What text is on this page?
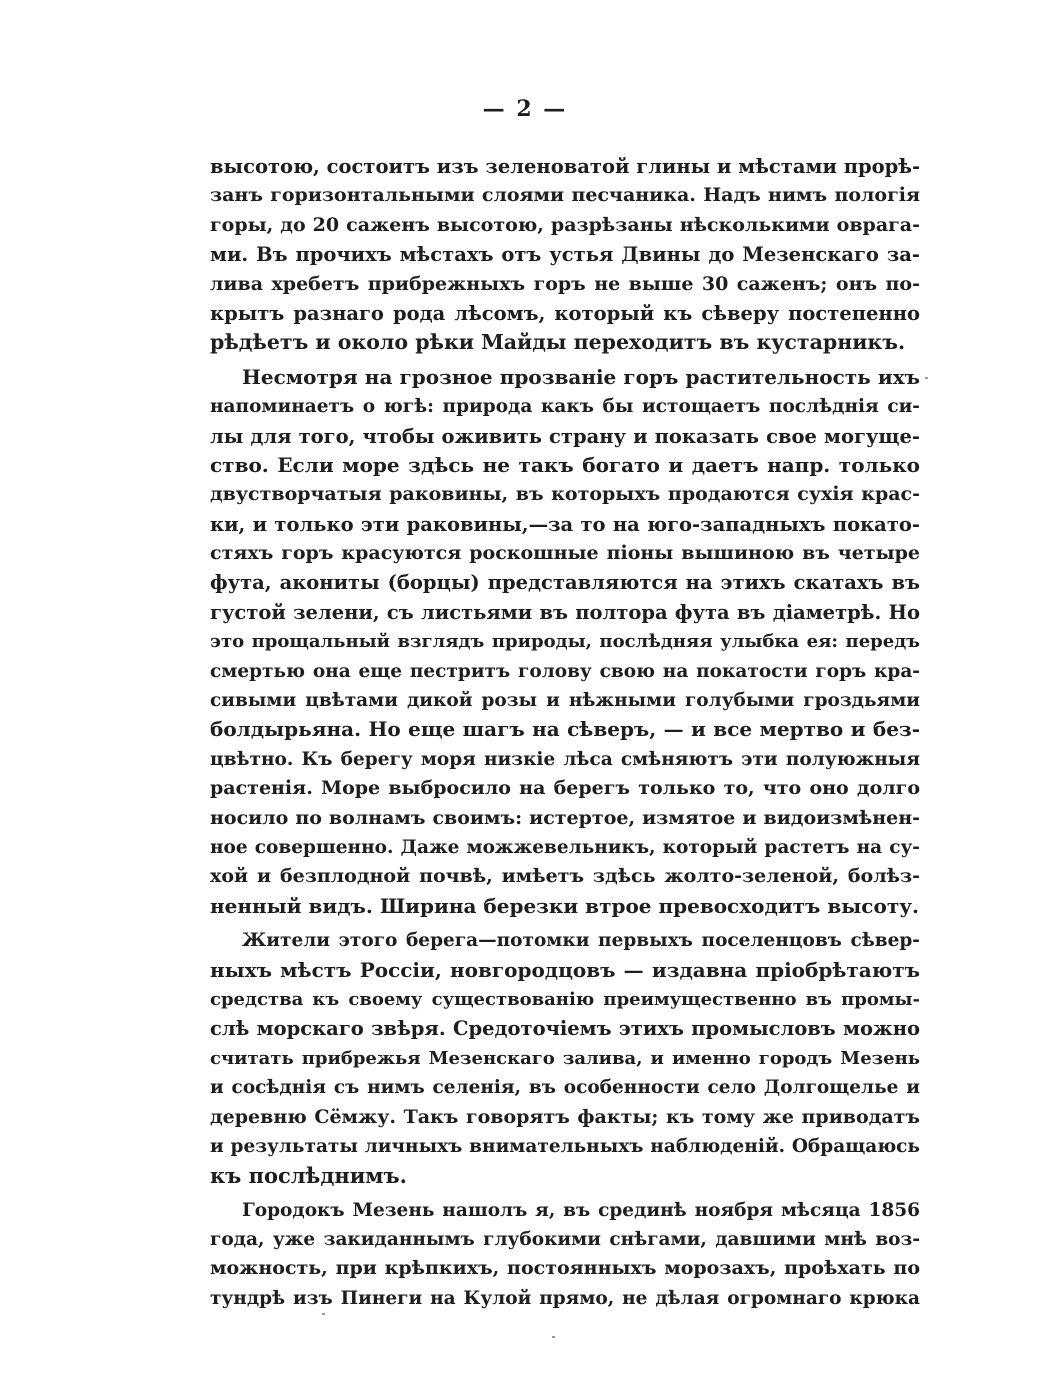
— 2 —
высотою, состоитъ изъ зеленоватой глины и мѣстами прорѣ-
занъ горизонтальными слоями песчаника. Надъ нимъ пологія
горы, до 20 саженъ высотою, разрѣзаны нѣсколькими оврага-
ми. Въ прочихъ мѣстахъ отъ устья Двины до Мезенскаго за-
лива хребетъ прибрежныхъ горъ не выше 30 саженъ; онъ по-
крытъ разнаго рода лѣсомъ, который къ сѣверу постепенно
рѣдѣетъ и около рѣки Майды переходитъ въ кустарникъ.
Несмотря на грозное прозваніе горъ растительность ихъ
напоминаетъ о югѣ: природа какъ бы истощаетъ послѣднія си-
лы для того, чтобы оживить страну и показать свое могуще-
ство. Если море здѣсь не такъ богато и даетъ напр. только
двустворчатыя раковины, въ которыхъ продаются сухія крас-
ки, и только эти раковины,—за то на юго-западныхъ покато-
стяхъ горъ красуются роскошные піоны вышиною въ четыре
фута, акониты (борцы) представляются на этихъ скатахъ въ
густой зелени, съ листьями въ полтора фута въ діаметрѣ. Но
это прощальный взглядъ природы, послѣдняя улыбка ея: передъ
смертью она еще пестритъ голову свою на покатости горъ кра-
сивыми цвѣтами дикой розы и нѣжными голубыми гроздьями
болдырьяна. Но еще шагъ на сѣверъ, — и все мертво и без-
цвѣтно. Къ берегу моря низкіе лѣса смѣняютъ эти полуюжныя
растенія. Море выбросило на берегъ только то, что оно долго
носило по волнамъ своимъ: истертое, измятое и видоизмѣнен-
ное совершенно. Даже можжевельникъ, который растетъ на су-
хой и безплодной почвѣ, имѣетъ здѣсь жолто-зеленой, болѣз-
ненный видъ. Ширина березки втрое превосходитъ высоту.
Жители этого берега—потомки первыхъ поселенцовъ сѣвер-
ныхъ мѣстъ Россіи, новгородцовъ — издавна пріобрѣтаютъ
средства къ своему существованію преимущественно въ промы-
слѣ морскаго звѣря. Средоточіемъ этихъ промысловъ можно
считать прибрежья Мезенскаго залива, и именно городъ Мезень
и сосѣднія съ нимъ селенія, въ особенности село Долгощелье и
деревню Сёмжу. Такъ говорятъ факты; къ тому же приводатъ
и результаты личныхъ внимательныхъ наблюденій. Обращаюсь
къ послѣднимъ.
Городокъ Мезень нашолъ я, въ срединѣ ноября мѣсяца 1856
года, уже закиданнымъ глубокими снѣгами, давшими мнѣ воз-
можность, при крѣпкихъ, постоянныхъ морозахъ, проѣхать по
тундрѣ изъ Пинеги на Кулой прямо, не дѣлая огромнаго крюка
